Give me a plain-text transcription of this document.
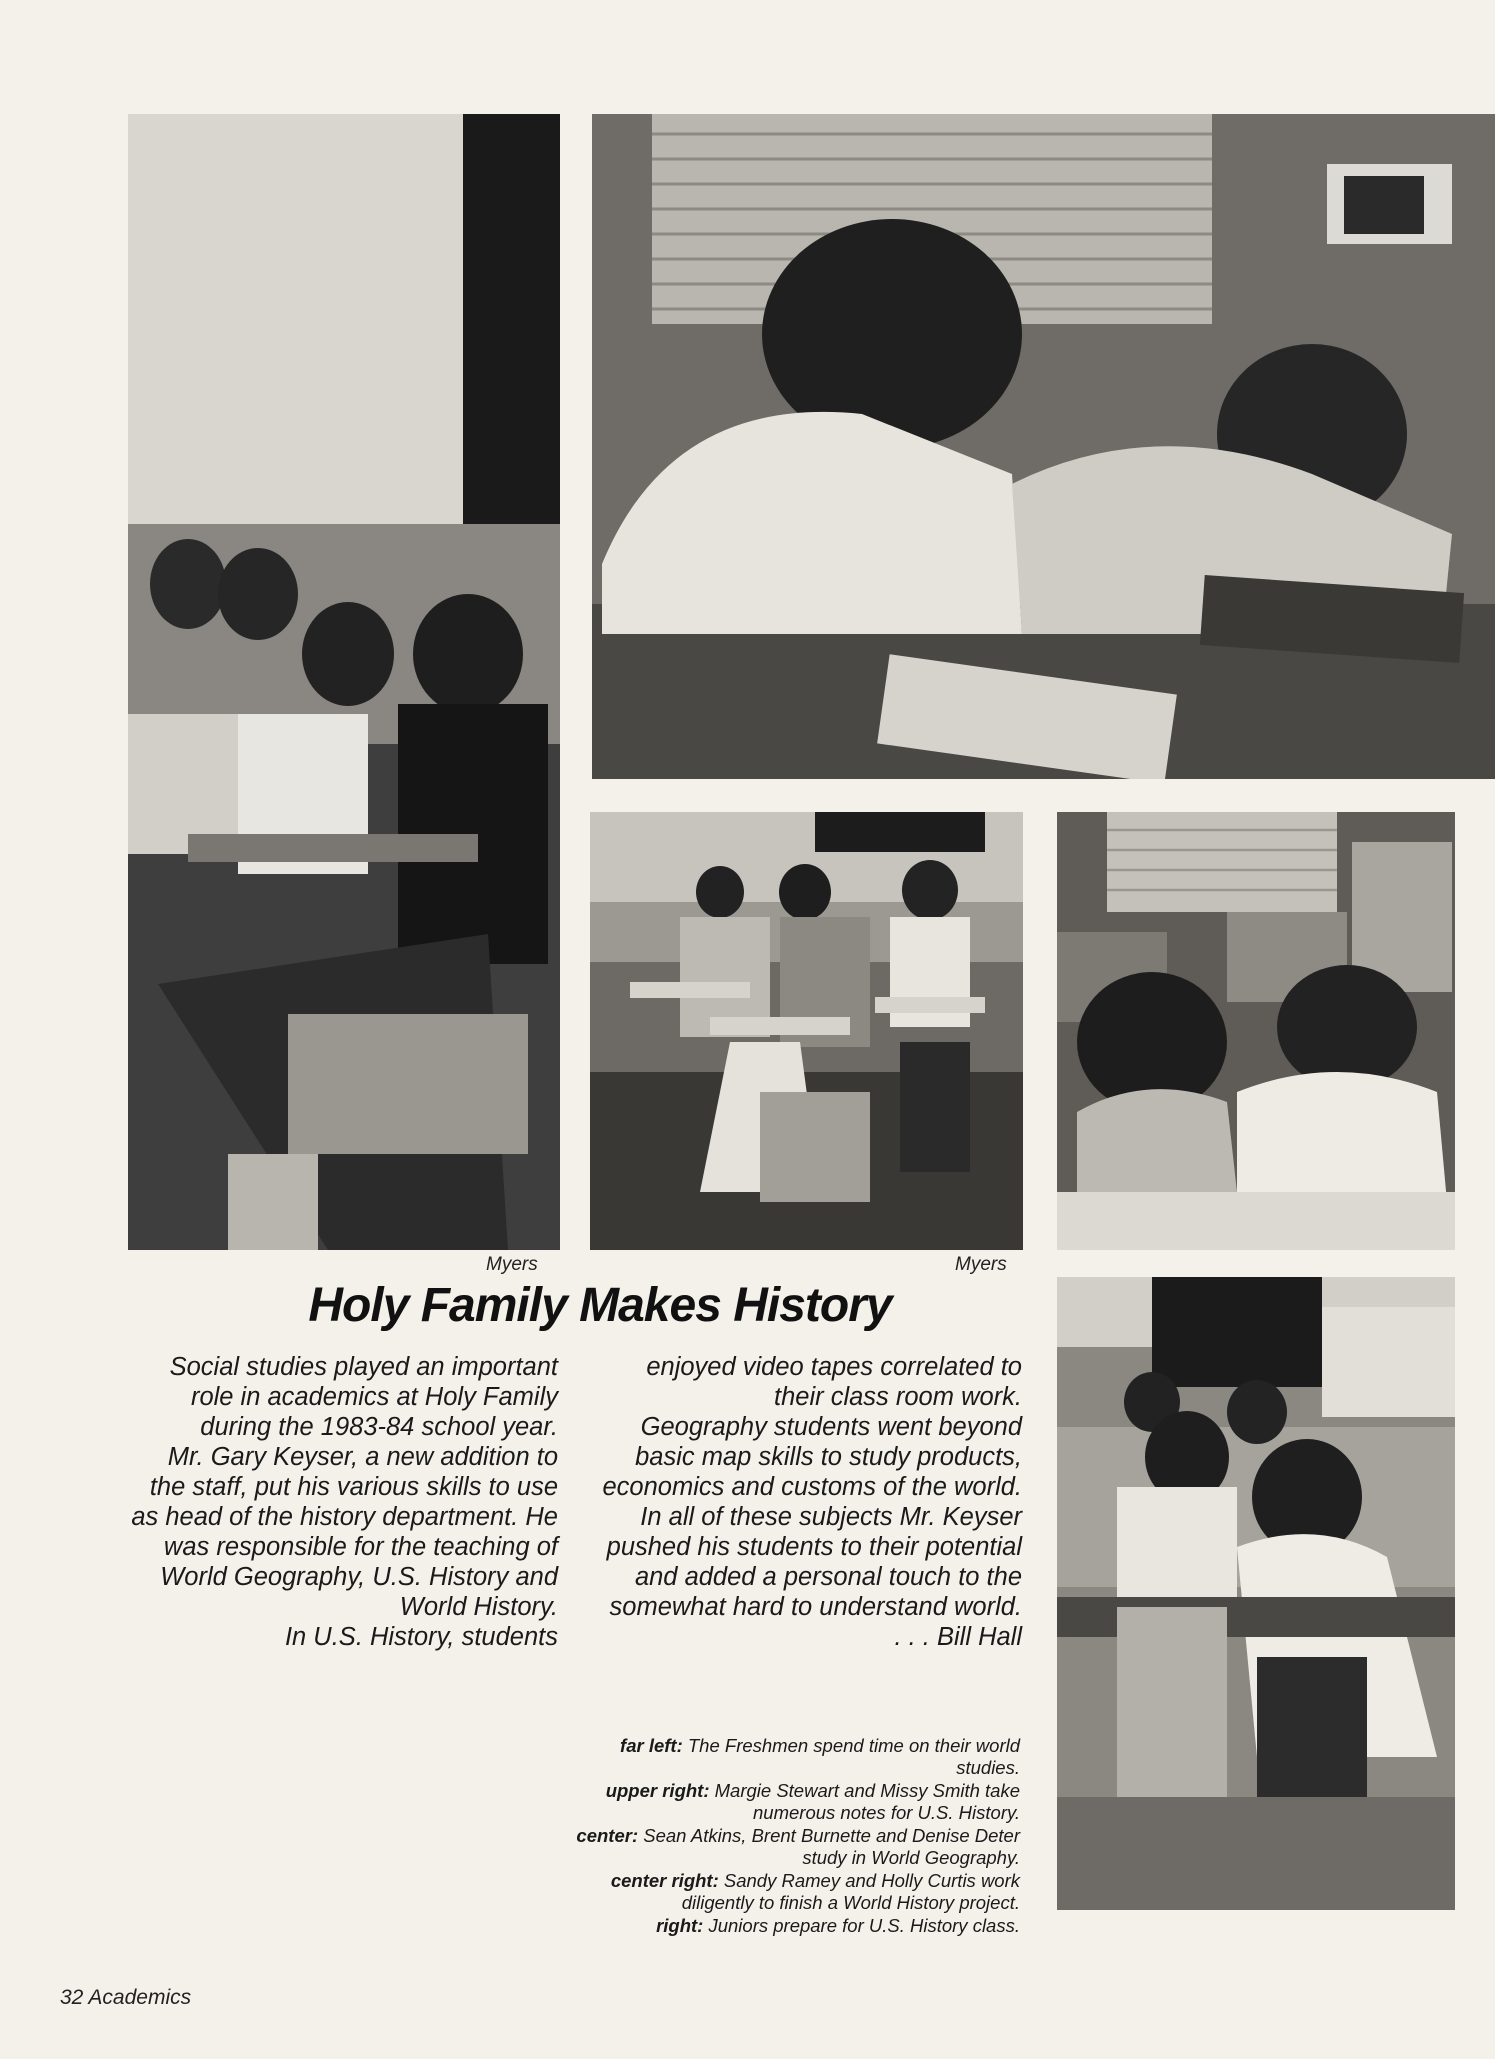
Myers	Myers
Holy Family Makes History

Social studies played an important role in academics at Holy Family during the 1983-84 school year.

Mr. Gary Keyser, a new addition to the staff, put his various skills to use as head of the history department. He was responsible for the teaching of World Geography, U.S. History and World History.

In U.S. History, students

enjoyed video tapes correlated to their class room work.

Geography students went beyond basic map skills to study products, economics and customs of the world.

In all of these subjects Mr. Keyser pushed his students to their potential and added a personal touch to the somewhat hard to understand world.

. . . Bill Hall

far left: The Freshmen spend time on their world studies.

upper right: Margie Stewart and Missy Smith take numerous notes for U.S. History.

center: Sean Atkins, Brent Burnette and Denise Deter study in World Geography.

center right: Sandy Ramey and Holly Curtis work diligently to finish a World History project.

right: Juniors prepare for U.S. History class.

32 Academics
